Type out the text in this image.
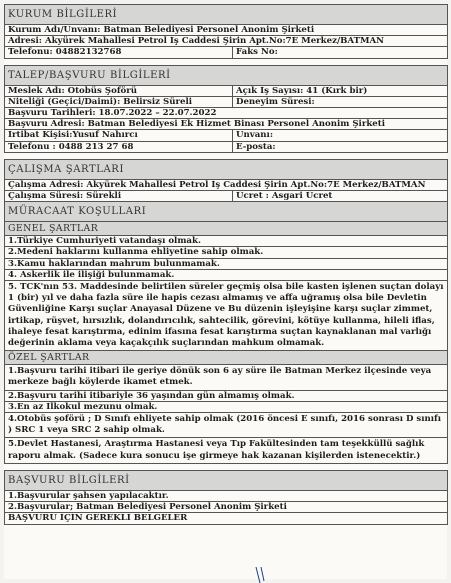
KURUM BİLGİLERİ	
Kurum Adı/Unvanı: Batman Belediyesi Personel Anonim Şirketi	
Adresi: Akyürek Mahallesi Petrol İş Caddesi Şirin Apt.No:7E Merkez/BATMAN	
Telefonu: 04882132768	Faks No:

TALEP/BAŞVURU BİLGİLERİ	
Meslek Adı: Otobüs Şoförü	Açık İş Sayısı: 41 (Kırk bir)
Niteliği (Geçici/Daimi): Belirsiz Süreli	Deneyim Süresi:
Başvuru Tarihleri: 18.07.2022 – 22.07.2022	
Başvuru Adresi: Batman Belediyesi Ek Hizmet Binası Personel Anonim Şirketi	
İrtibat Kişisi:Yusuf Nahırcı	Unvanı:
Telefonu : 0488 213 27 68	E-posta:

ÇALIŞMA ŞARTLARI	
Çalışma Adresi: Akyürek Mahallesi Petrol İş Caddesi Şirin Apt.No:7E Merkez/BATMAN	
Çalışma Süresi: Sürekli	Ücret : Asgari Ücret
MÜRACAAT KOŞULLARI	
GENEL ŞARTLAR	
1.Türkiye Cumhuriyeti vatandaşı olmak.	
2.Medeni haklarını kullanma ehliyetine sahip olmak.	
3.Kamu haklarından mahrum bulunmamak.	
4. Askerlik ile ilişiği bulunmamak.	
5. TCK'nın 53. Maddesinde belirtilen süreler geçmiş olsa bile kasten işlenen suçtan dolayı 1 (bir) yıl ve daha fazla süre ile hapis cezası almamış ve affa uğramış olsa bile Devletin Güvenliğine Karşı suçlar Anayasal Düzene ve Bu düzenin işleyişine karşı suçlar zimmet, irtikap, rüşvet, hırsızlık, dolandırıcılık, sahtecilik, görevini, kötüye kullanma, hileli iflas, ihaleye fesat karıştırma, edinim ifasına fesat karıştırma suçtan kaynaklanan mal varlığı değerinin aklama veya kaçakçılık suçlarından mahkum olmamak.	
ÖZEL ŞARTLAR	
1.Başvuru tarihi itibari ile geriye dönük son 6 ay süre ile Batman Merkez ilçesinde veya merkeze bağlı köylerde ikamet etmek.	
2.Başvuru tarihi itibariyle 36 yaşından gün almamış olmak.	
3.En az İlkokul mezunu olmak.	
4.Otobüs şoförü ; D Sınıfı ehliyete sahip olmak (2016 öncesi E sınıfı, 2016 sonrası D sınıfı ) SRC 1 veya SRC 2 sahip olmak.	
5.Devlet Hastanesi, Araştırma Hastanesi veya Tıp Fakültesinden tam teşekküllü sağlık raporu almak. (Sadece kura sonucu işe girmeye hak kazanan kişilerden istenecektir.)	

BAŞVURU BİLGİLERİ	
1.Başvurular şahsen yapılacaktır.	
2.Başvurular; Batman Belediyesi Personel Anonim Şirketi	
BAŞVURU İÇİN GEREKLİ BELGELER	
